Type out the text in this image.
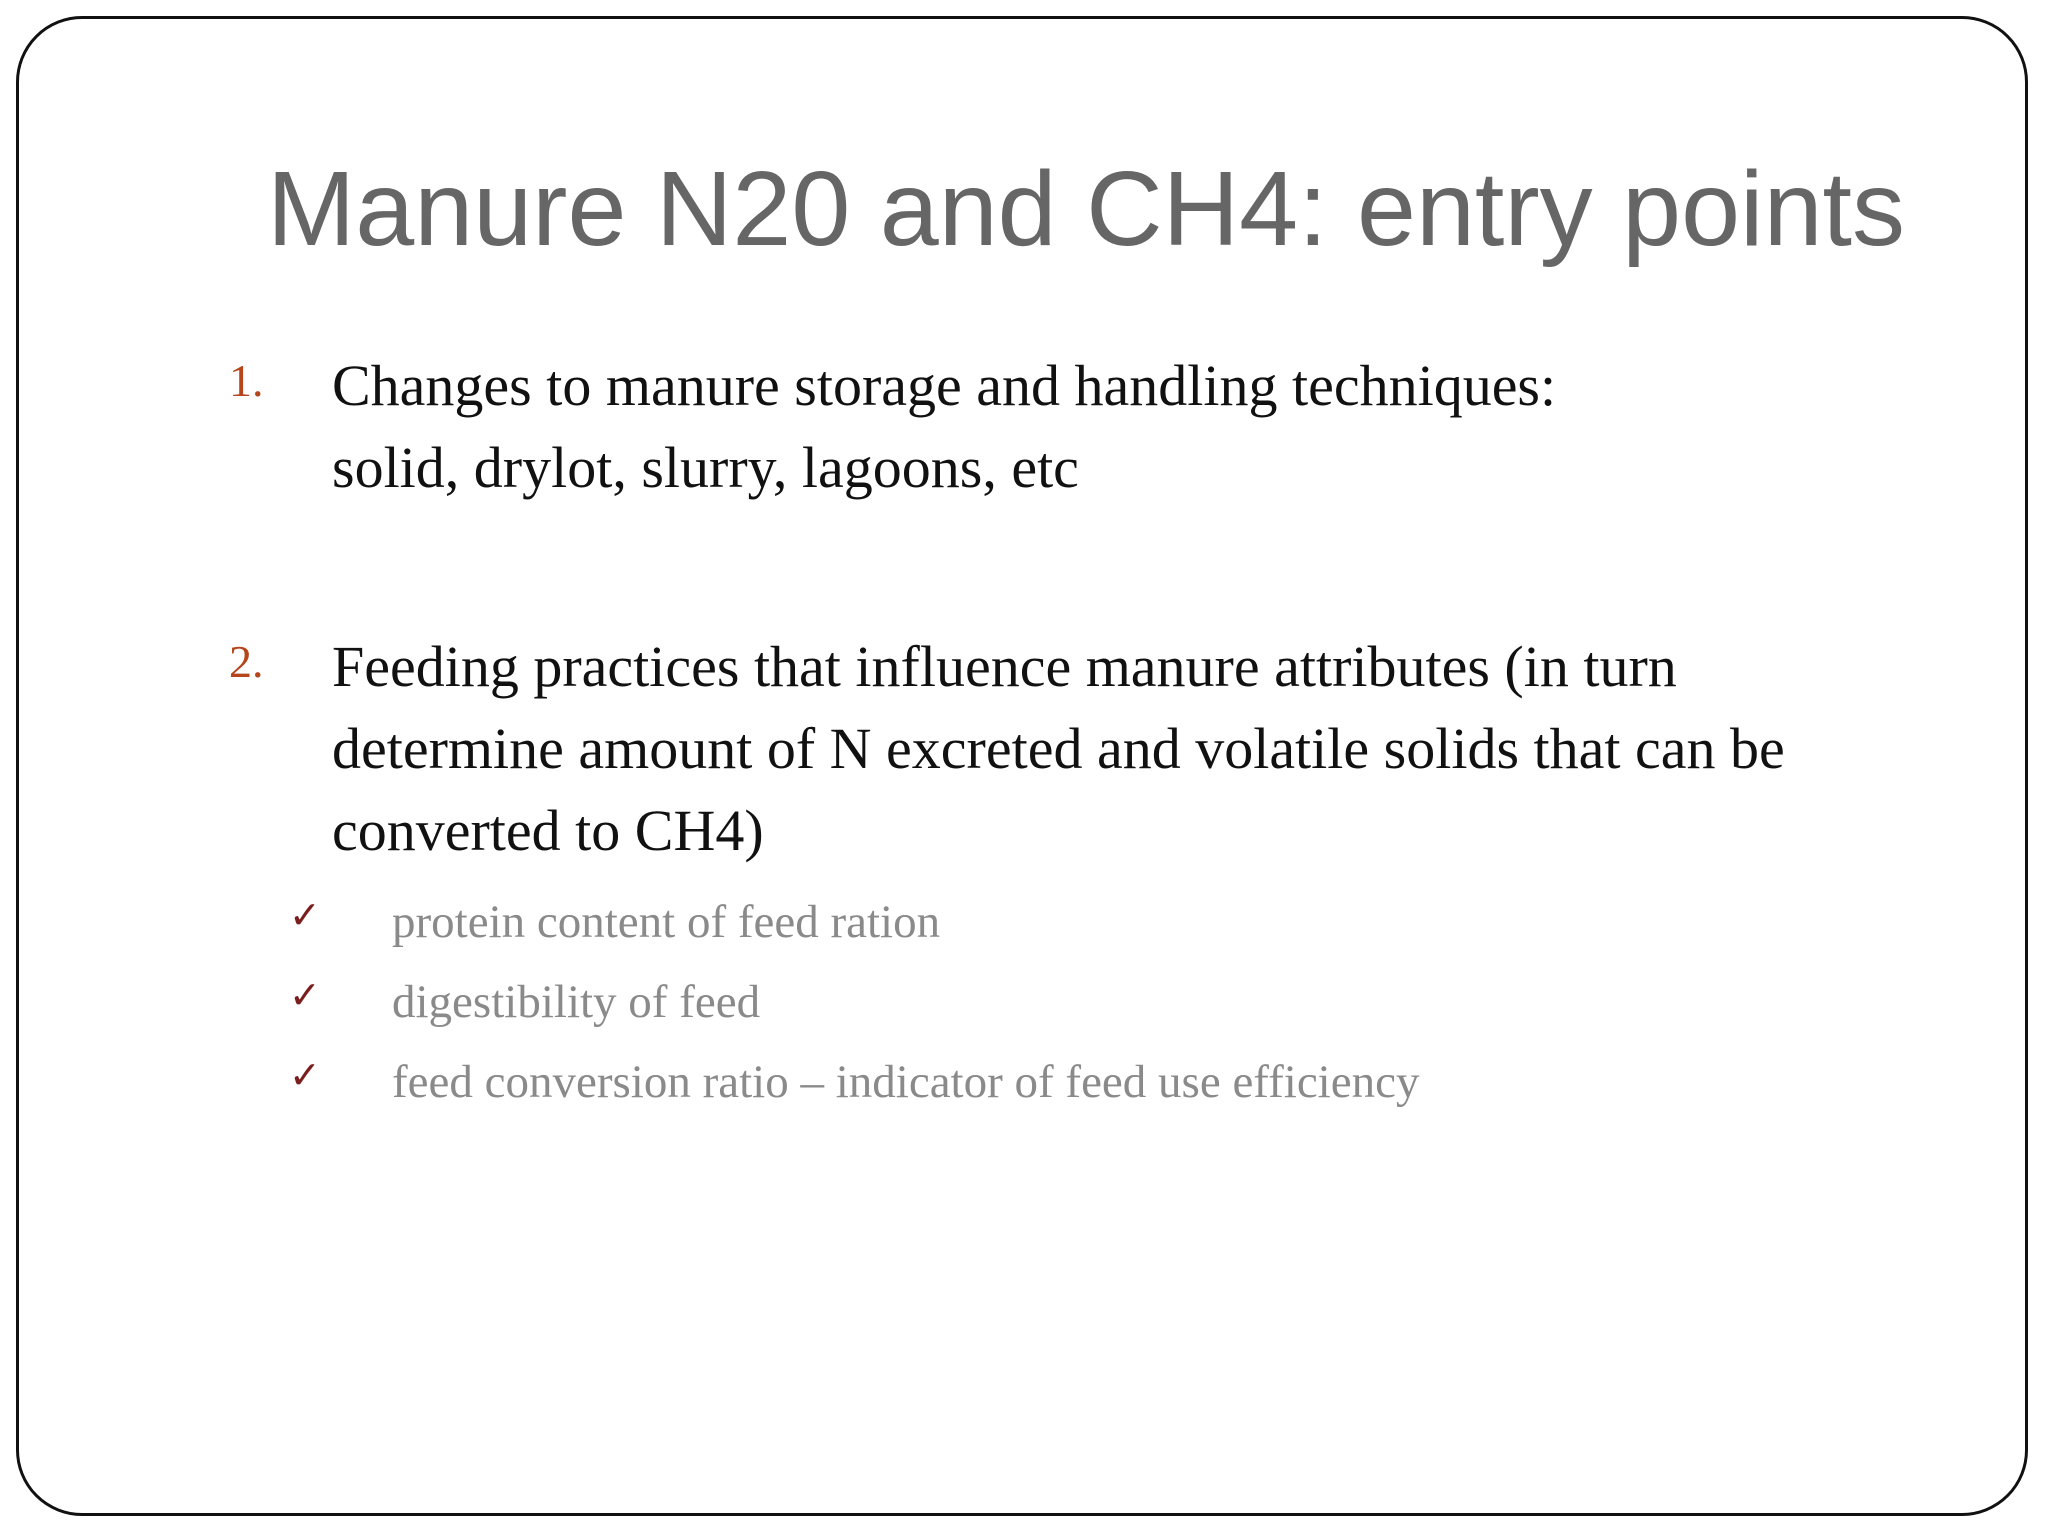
Manure N20 and CH4: entry points
1. Changes to manure storage and handling techniques:
solid, drylot, slurry, lagoons, etc

2. Feeding practices that influence manure attributes (in turn
determine amount of N excreted and volatile solids that can be
converted to CH4)

✓ protein content of feed ration
✓ digestibility of feed
✓ feed conversion ratio – indicator of feed use efficiency
